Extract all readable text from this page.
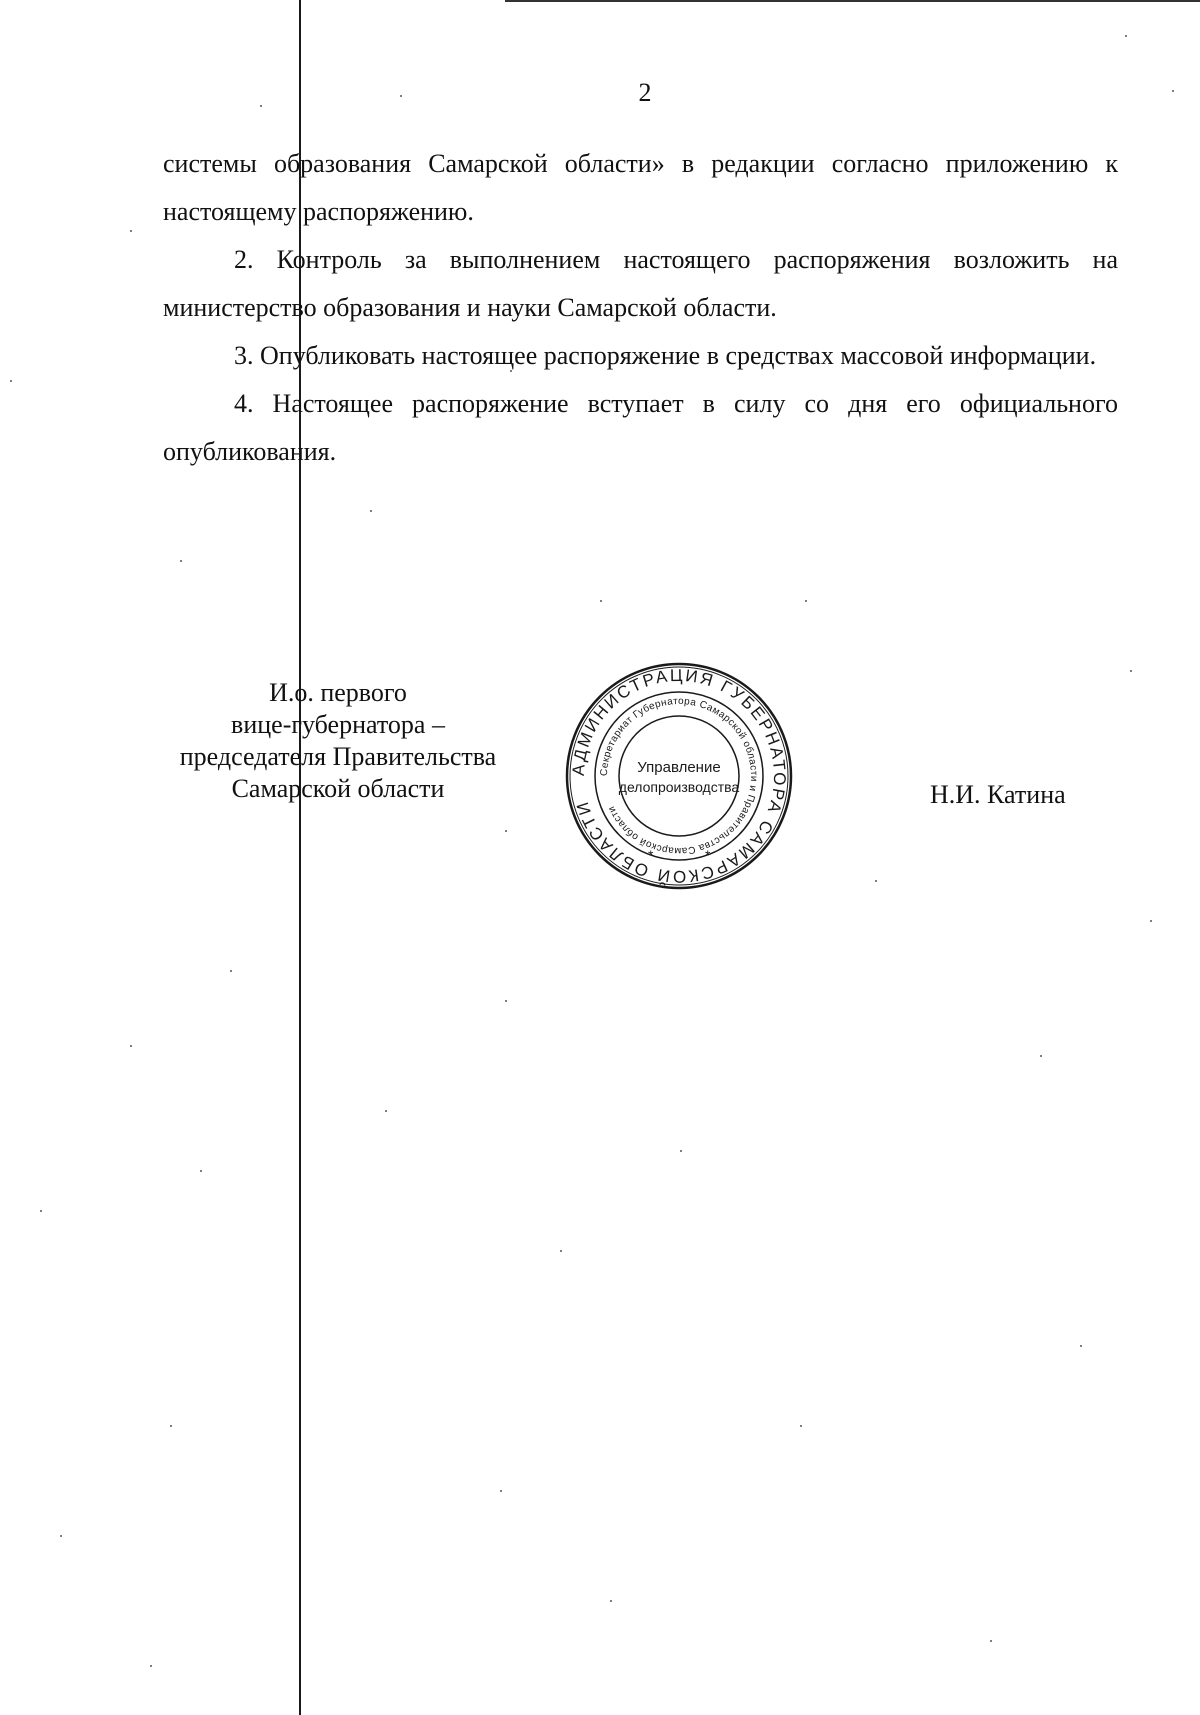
2

системы образования Самарской области» в редакции согласно приложению к настоящему распоряжению.

2. Контроль за выполнением настоящего распоряжения возложить на министерство образования и науки Самарской области.

3. Опубликовать настоящее распоряжение в средствах массовой информации.

4. Настоящее распоряжение вступает в силу со дня его официального опубликования.

И.о. первого
вице-губернатора –
председателя Правительства
Самарской области
АДМИНИСТРАЦИЯ ГУБЕРНАТОРА САМАРСКОЙ ОБЛАСТИ
Секретариат Губернатора Самарской области и Правительства Самарской области
Управление
делопроизводства
*	*
Н.И. Катина
